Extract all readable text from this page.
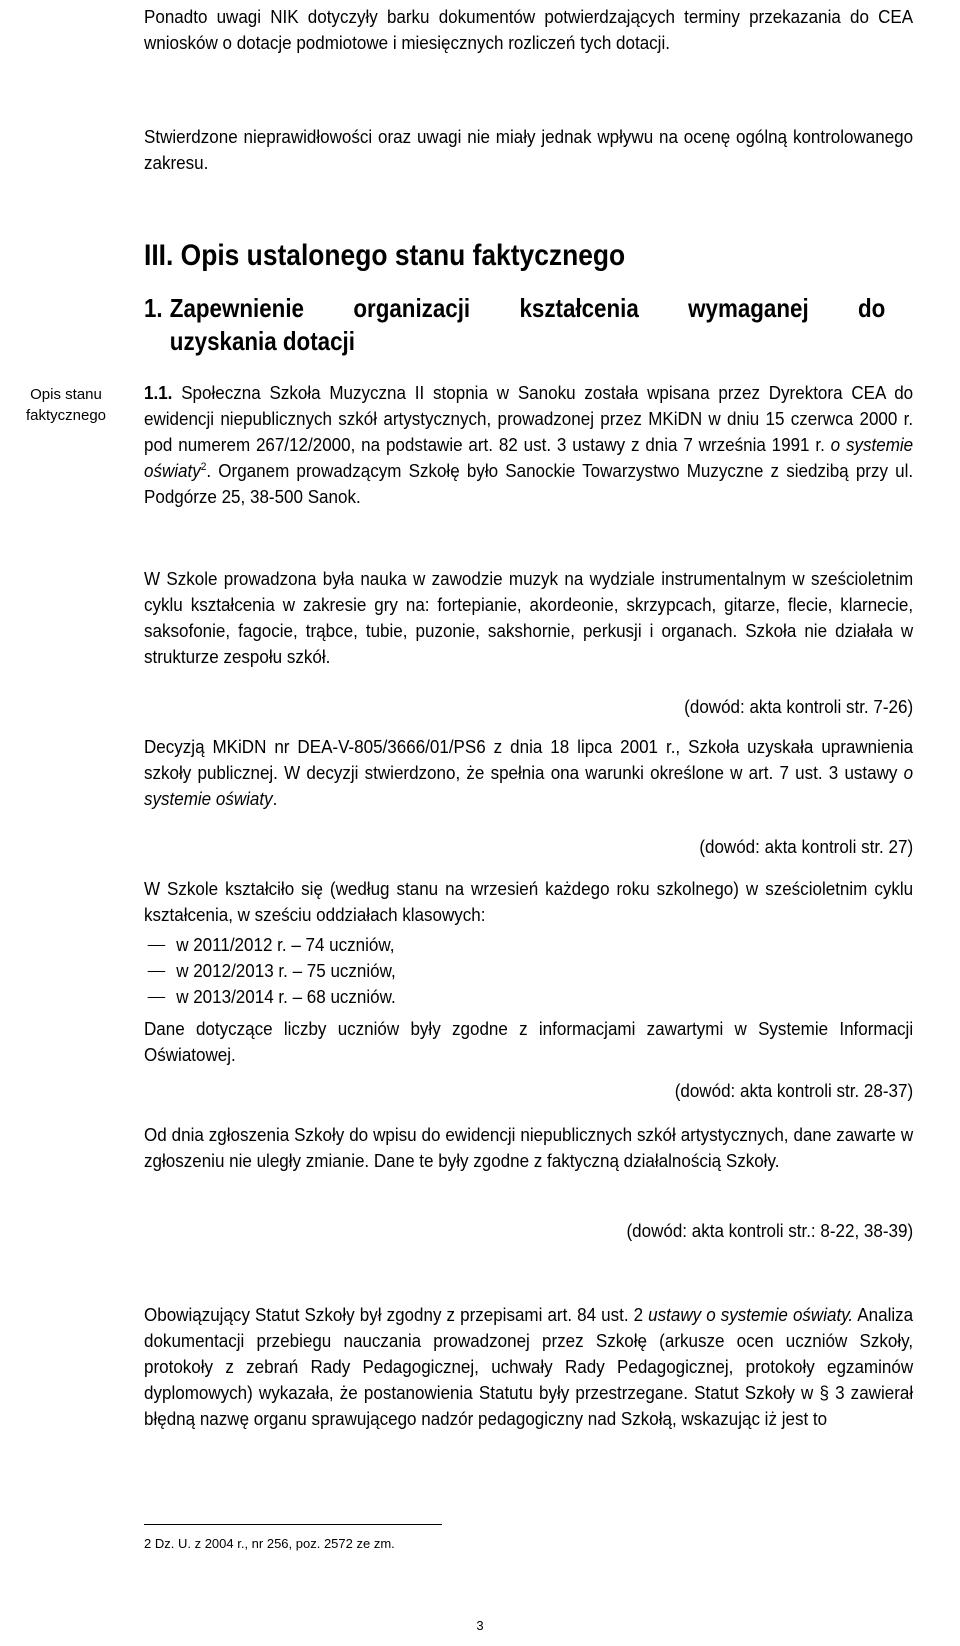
Ponadto uwagi NIK dotyczyły barku dokumentów potwierdzających terminy przekazania do CEA wniosków o dotacje podmiotowe i miesięcznych rozliczeń tych dotacji.

Stwierdzone nieprawidłowości oraz uwagi nie miały jednak wpływu na ocenę ogólną kontrolowanego zakresu.

III. Opis ustalonego stanu faktycznego
1. Zapewnienie organizacji kształcenia wymaganej do
uzyskania dotacji
Opis stanu faktycznego

1.1. Społeczna Szkoła Muzyczna II stopnia w Sanoku została wpisana przez Dyrektora CEA do ewidencji niepublicznych szkół artystycznych, prowadzonej przez MKiDN w dniu 15 czerwca 2000 r. pod numerem 267/12/2000, na podstawie art. 82 ust. 3 ustawy z dnia 7 września 1991 r. o systemie oświaty$^2$. Organem prowadzącym Szkołę było Sanockie Towarzystwo Muzyczne z siedzibą przy ul. Podgórze 25, 38-500 Sanok.

W Szkole prowadzona była nauka w zawodzie muzyk na wydziale instrumentalnym w sześcioletnim cyklu kształcenia w zakresie gry na: fortepianie, akordeonie, skrzypcach, gitarze, flecie, klarnecie, saksofonie, fagocie, trąbce, tubie, puzonie, sakshornie, perkusji i organach. Szkoła nie działała w strukturze zespołu szkół.

(dowód: akta kontroli str. 7-26)

Decyzją MKiDN nr DEA-V-805/3666/01/PS6 z dnia 18 lipca 2001 r., Szkoła uzyskała uprawnienia szkoły publicznej. W decyzji stwierdzono, że spełnia ona warunki określone w art. 7 ust. 3 ustawy o systemie oświaty.

(dowód: akta kontroli str. 27)

W Szkole kształciło się (według stanu na wrzesień każdego roku szkolnego) w sześcioletnim cyklu kształcenia, w sześciu oddziałach klasowych:

w 2011/2012 r. – 74 uczniów,
w 2012/2013 r. – 75 uczniów,
w 2013/2014 r. – 68 uczniów.

Dane dotyczące liczby uczniów były zgodne z informacjami zawartymi w Systemie Informacji Oświatowej.

(dowód: akta kontroli str. 28-37)

Od dnia zgłoszenia Szkoły do wpisu do ewidencji niepublicznych szkół artystycznych, dane zawarte w zgłoszeniu nie uległy zmianie. Dane te były zgodne z faktyczną działalnością Szkoły.

(dowód: akta kontroli str.: 8-22, 38-39)

Obowiązujący Statut Szkoły był zgodny z przepisami art. 84 ust. 2 ustawy o systemie oświaty. Analiza dokumentacji przebiegu nauczania prowadzonej przez Szkołę (arkusze ocen uczniów Szkoły, protokoły z zebrań Rady Pedagogicznej, uchwały Rady Pedagogicznej, protokoły egzaminów dyplomowych) wykazała, że postanowienia Statutu były przestrzegane. Statut Szkoły w § 3 zawierał błędną nazwę organu sprawującego nadzór pedagogiczny nad Szkołą, wskazując iż jest to

2 Dz. U. z 2004 r., nr 256, poz. 2572 ze zm.
3
